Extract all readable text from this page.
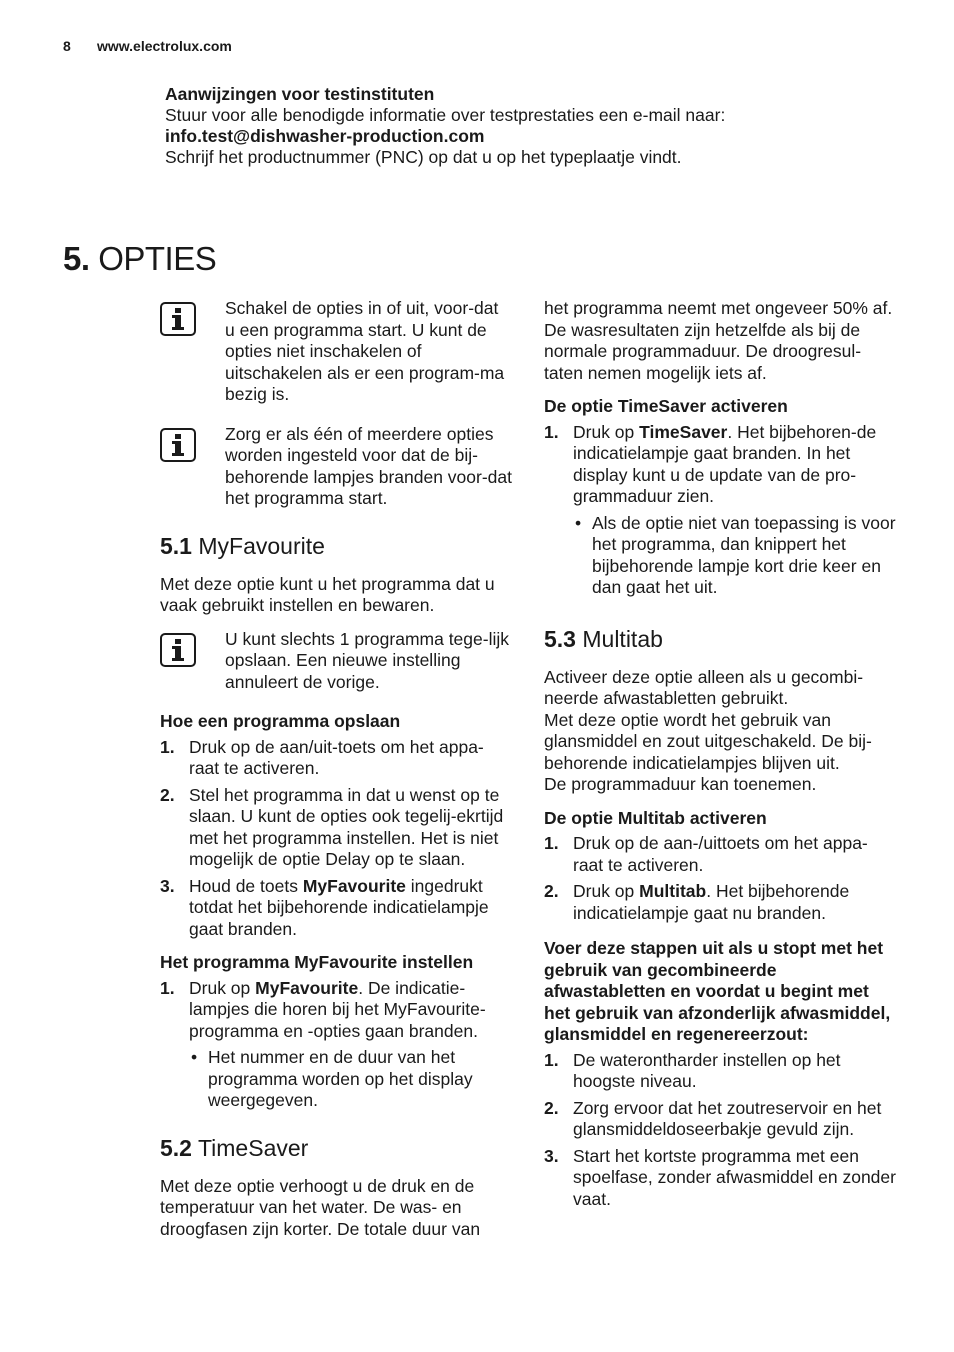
8 www.electrolux.com
Aanwijzingen voor testinstituten
Stuur voor alle benodigde informatie over testprestaties een e-mail naar:
info.test@dishwasher-production.com
Schrijf het productnummer (PNC) op dat u op het typeplaatje vindt.
5. OPTIES

Schakel de opties in of uit, voor-dat u een programma start. U kunt de opties niet inschakelen of uitschakelen als er een program-ma bezig is.

Zorg er als één of meerdere opties worden ingesteld voor dat de bij-behorende lampjes branden voor-dat het programma start.

5.1 MyFavourite

Met deze optie kunt u het programma dat u vaak gebruikt instellen en bewaren.

U kunt slechts 1 programma tege-lijk opslaan. Een nieuwe instelling annuleert de vorige.

Hoe een programma opslaan
1. Druk op de aan/uit-toets om het appa-raat te activeren.
2. Stel het programma in dat u wenst op te slaan. U kunt de opties ook tegelij-ekrtijd met het programma instellen. Het is niet mogelijk de optie Delay op te slaan.
3. Houd de toets MyFavourite ingedrukt totdat het bijbehorende indicatielampje gaat branden.
Het programma MyFavourite instellen
1. Druk op MyFavourite. De indicatie-lampjes die horen bij het MyFavourite-programma en -opties gaan branden.
• Het nummer en de duur van het programma worden op het display weergegeven.
5.2 TimeSaver

Met deze optie verhoogt u de druk en de temperatuur van het water. De was- en droogfasen zijn korter. De totale duur van

het programma neemt met ongeveer 50% af.

De wasresultaten zijn hetzelfde als bij de normale programmaduur. De droogresul-taten nemen mogelijk iets af.

De optie TimeSaver activeren
1. Druk op TimeSaver. Het bijbehoren-de indicatielampje gaat branden. In het display kunt u de update van de pro-grammaduur zien.
• Als de optie niet van toepassing is voor het programma, dan knippert het bijbehorende lampje kort drie keer en dan gaat het uit.
5.3 Multitab

Activeer deze optie alleen als u gecombi-neerde afwastabletten gebruikt.

Met deze optie wordt het gebruik van glansmiddel en zout uitgeschakeld. De bij-behorende indicatielampjes blijven uit.

De programmaduur kan toenemen.

De optie Multitab activeren
1. Druk op de aan-/uittoets om het appa-raat te activeren.
2. Druk op Multitab. Het bijbehorende indicatielampje gaat nu branden.
Voer deze stappen uit als u stopt met het gebruik van gecombineerde afwastabletten en voordat u begint met het gebruik van afzonderlijk afwasmiddel, glansmiddel en regenereerzout:
1. De waterontharder instellen op het hoogste niveau.
2. Zorg ervoor dat het zoutreservoir en het glansmiddeldoseerbakje gevuld zijn.
3. Start het kortste programma met een spoelfase, zonder afwasmiddel en zonder vaat.
